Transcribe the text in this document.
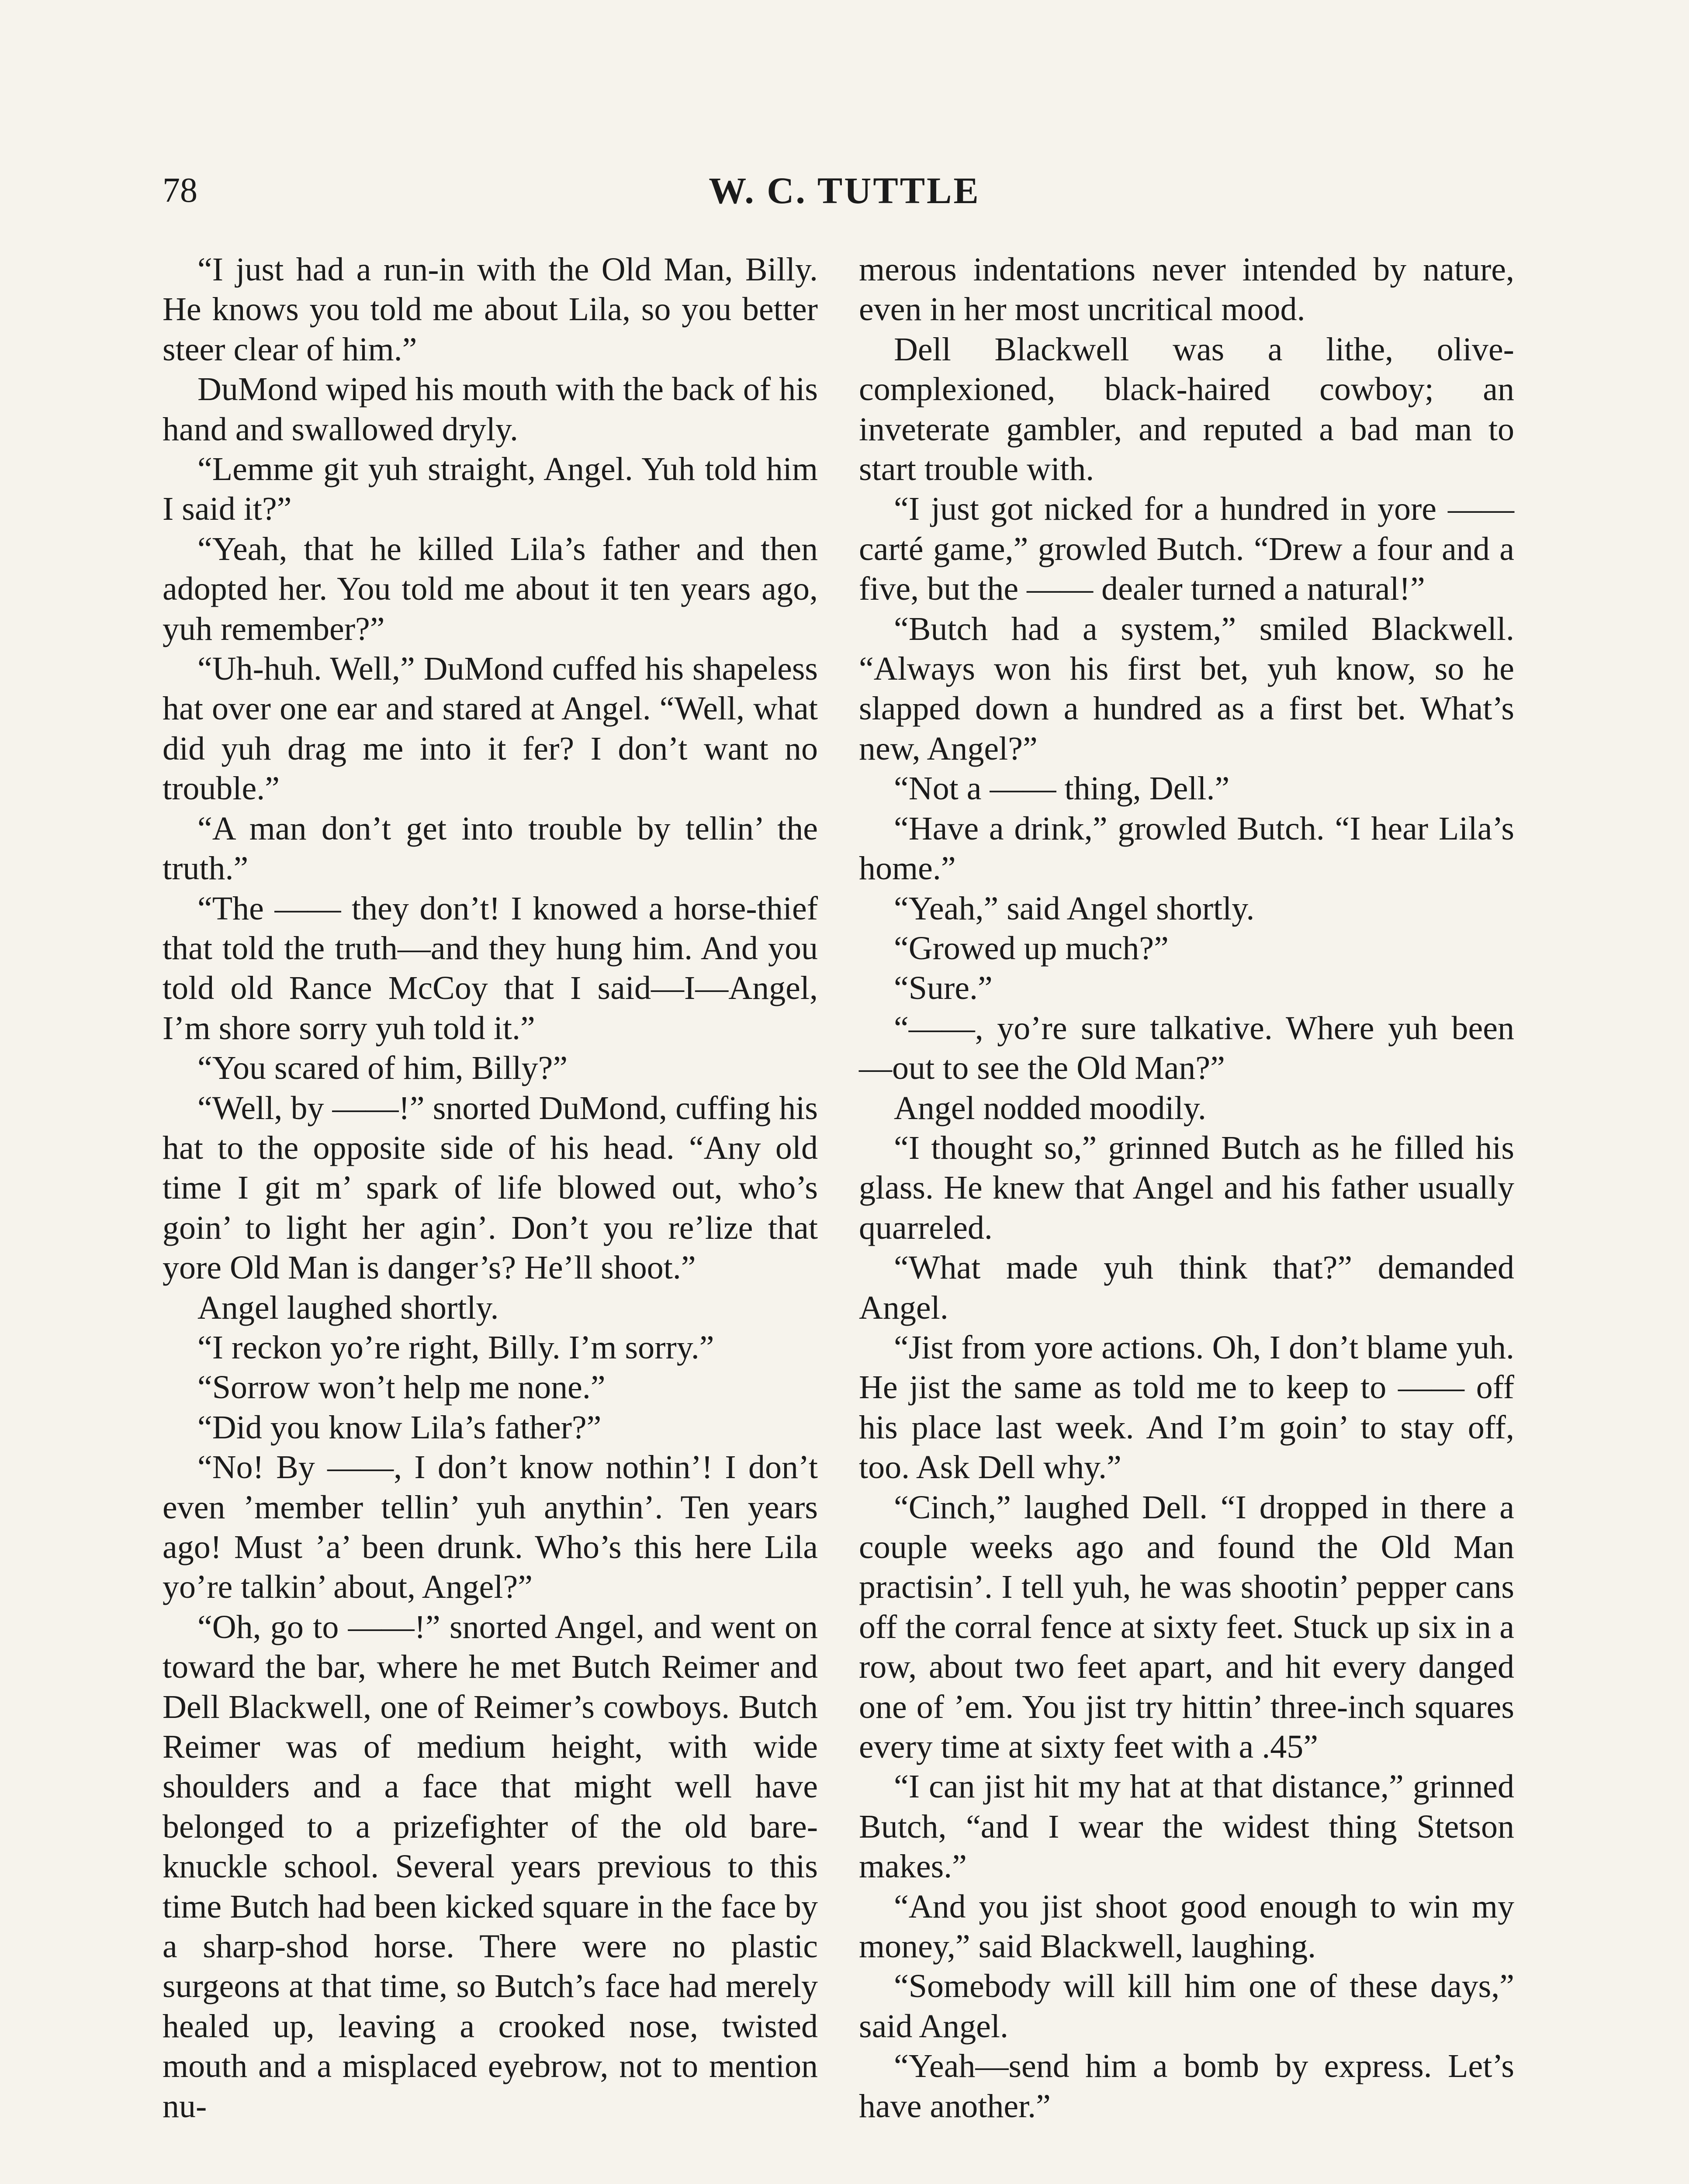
78	W. C. TUTTLE

“I just had a run-in with the Old Man, Billy. He knows you told me about Lila, so you better steer clear of him.”

DuMond wiped his mouth with the back of his hand and swallowed dryly.

“Lemme git yuh straight, Angel. Yuh told him I said it?”

“Yeah, that he killed Lila’s father and then adopted her. You told me about it ten years ago, yuh remember?”

“Uh-huh. Well,” DuMond cuffed his shapeless hat over one ear and stared at Angel. “Well, what did yuh drag me into it fer? I don’t want no trouble.”

“A man don’t get into trouble by tellin’ the truth.”

“The —— they don’t! I knowed a horse-thief that told the truth—and they hung him. And you told old Rance McCoy that I said—I—Angel, I’m shore sorry yuh told it.”

“You scared of him, Billy?”

“Well, by ——!” snorted DuMond, cuffing his hat to the opposite side of his head. “Any old time I git m’ spark of life blowed out, who’s goin’ to light her agin’. Don’t you re’lize that yore Old Man is danger’s? He’ll shoot.”

Angel laughed shortly.

“I reckon yo’re right, Billy. I’m sorry.”

“Sorrow won’t help me none.”

“Did you know Lila’s father?”

“No! By ——, I don’t know nothin’! I don’t even ’member tellin’ yuh anythin’. Ten years ago! Must ’a’ been drunk. Who’s this here Lila yo’re talkin’ about, Angel?”

“Oh, go to ——!” snorted Angel, and went on toward the bar, where he met Butch Reimer and Dell Blackwell, one of Reimer’s cowboys. Butch Reimer was of medium height, with wide shoulders and a face that might well have belonged to a prizefighter of the old bare-knuckle school. Several years previous to this time Butch had been kicked square in the face by a sharp-shod horse. There were no plastic surgeons at that time, so Butch’s face had merely healed up, leaving a crooked nose, twisted mouth and a misplaced eyebrow, not to mention nu-

merous indentations never intended by nature, even in her most uncritical mood.

Dell Blackwell was a lithe, olive-complexioned, black-haired cowboy; an inveterate gambler, and reputed a bad man to start trouble with.

“I just got nicked for a hundred in yore —— carté game,” growled Butch. “Drew a four and a five, but the —— dealer turned a natural!”

“Butch had a system,” smiled Blackwell. “Always won his first bet, yuh know, so he slapped down a hundred as a first bet. What’s new, Angel?”

“Not a —— thing, Dell.”

“Have a drink,” growled Butch. “I hear Lila’s home.”

“Yeah,” said Angel shortly.

“Growed up much?”

“Sure.”

“——, yo’re sure talkative. Where yuh been—out to see the Old Man?”

Angel nodded moodily.

“I thought so,” grinned Butch as he filled his glass. He knew that Angel and his father usually quarreled.

“What made yuh think that?” demanded Angel.

“Jist from yore actions. Oh, I don’t blame yuh. He jist the same as told me to keep to —— off his place last week. And I’m goin’ to stay off, too. Ask Dell why.”

“Cinch,” laughed Dell. “I dropped in there a couple weeks ago and found the Old Man practisin’. I tell yuh, he was shootin’ pepper cans off the corral fence at sixty feet. Stuck up six in a row, about two feet apart, and hit every danged one of ’em. You jist try hittin’ three-inch squares every time at sixty feet with a .45”

“I can jist hit my hat at that distance,” grinned Butch, “and I wear the widest thing Stetson makes.”

“And you jist shoot good enough to win my money,” said Blackwell, laughing.

“Somebody will kill him one of these days,” said Angel.

“Yeah—send him a bomb by express. Let’s have another.”
